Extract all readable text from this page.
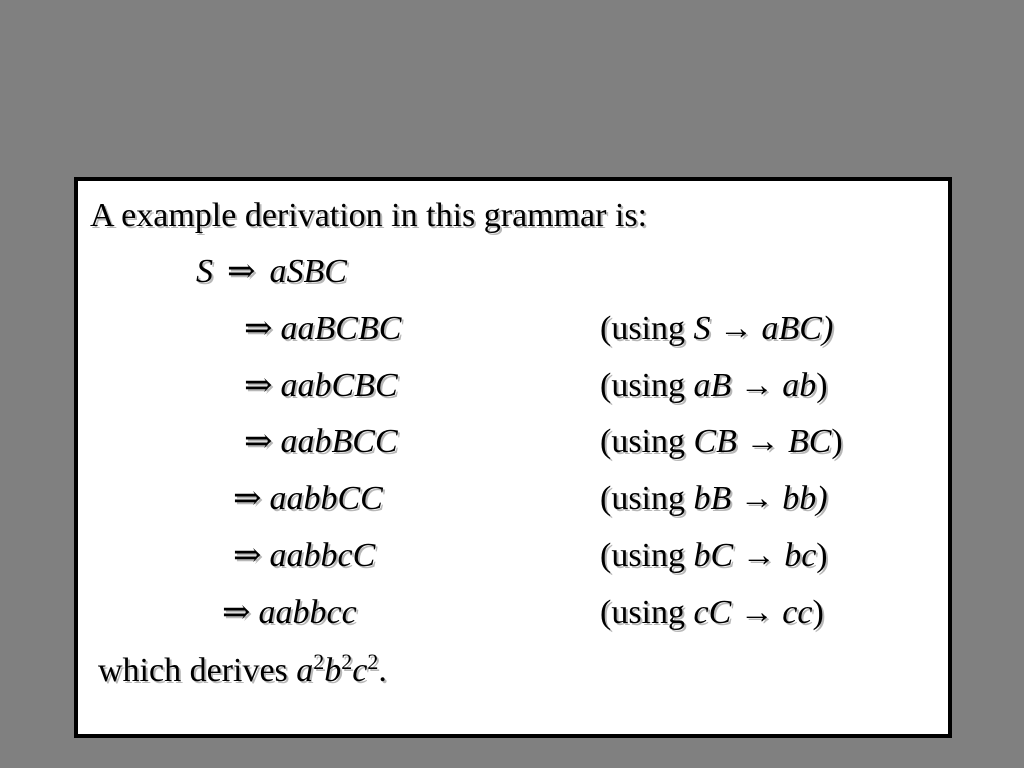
A example derivation in this grammar is:
S ⇒ aSBC
⇒ aaBCBC	(using S → aBC)
⇒ aabCBC	(using aB → ab)
⇒ aabBCC	(using CB → BC)
⇒ aabbCC	(using bB → bb)
⇒ aabbcC	(using bC → bc)
⇒ aabbcc	(using cC → cc)
which derives $a^2b^2c^2$.
